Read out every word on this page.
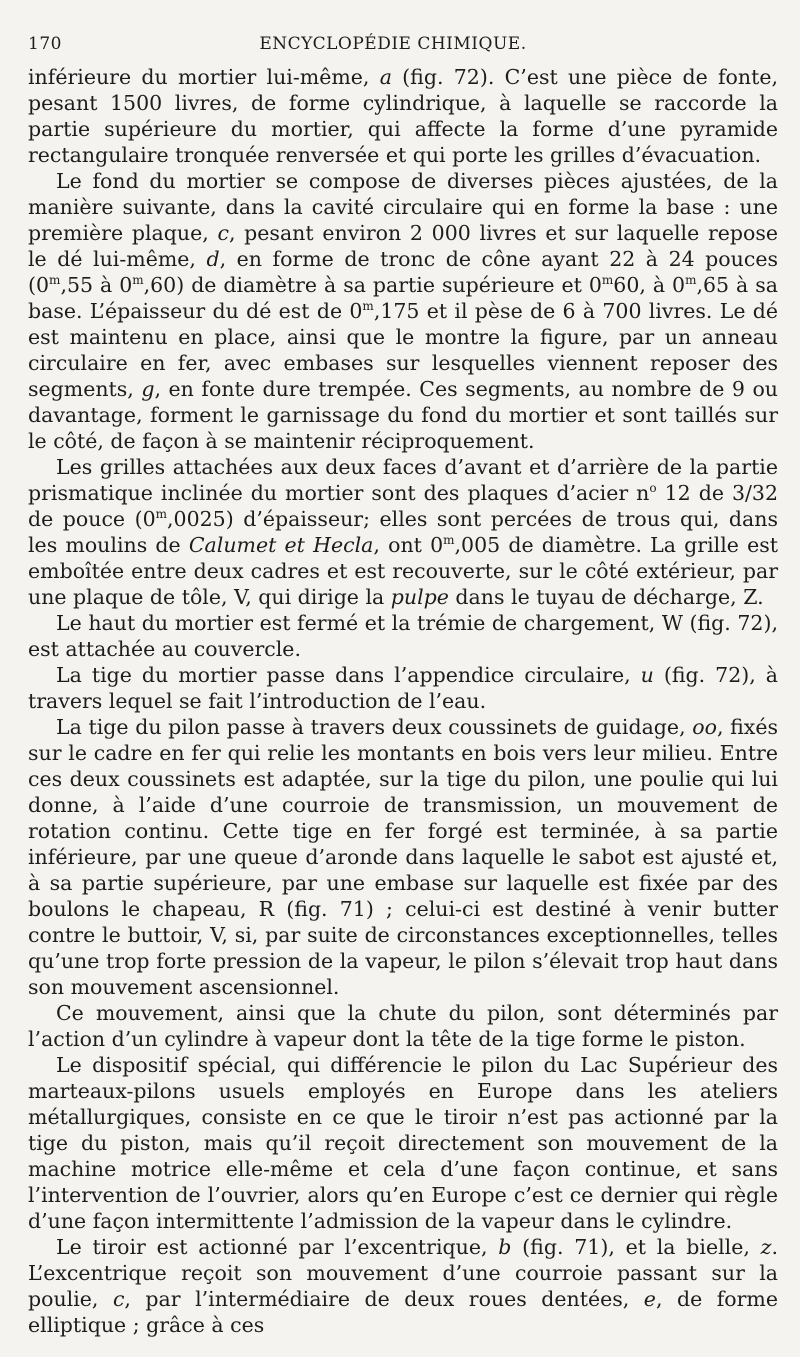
170	ENCYCLOPÉDIE CHIMIQUE.

inférieure du mortier lui-même, a (fig. 72). C’est une pièce de fonte, pesant 1500 livres, de forme cylindrique, à laquelle se raccorde la partie supérieure du mortier, qui affecte la forme d’une pyramide rectangulaire tronquée renversée et qui porte les grilles d’évacuation.

Le fond du mortier se compose de diverses pièces ajustées, de la manière suivante, dans la cavité circulaire qui en forme la base : une première plaque, c, pesant environ 2 000 livres et sur laquelle repose le dé lui-même, d, en forme de tronc de cône ayant 22 à 24 pouces (0$^m$,55 à 0$^m$,60) de diamètre à sa partie supérieure et 0$^m$60, à 0$^m$,65 à sa base. L’épaisseur du dé est de 0$^m$,175 et il pèse de 6 à 700 livres. Le dé est maintenu en place, ainsi que le montre la figure, par un anneau circulaire en fer, avec embases sur lesquelles viennent reposer des segments, g, en fonte dure trempée. Ces segments, au nombre de 9 ou davantage, forment le garnissage du fond du mortier et sont taillés sur le côté, de façon à se maintenir réciproquement.

Les grilles attachées aux deux faces d’avant et d’arrière de la partie prismatique inclinée du mortier sont des plaques d’acier $n^o$ 12 de 3/32 de pouce (0$^m$,0025) d’épaisseur; elles sont percées de trous qui, dans les moulins de Calumet et Hecla, ont 0$^m$,005 de diamètre. La grille est emboîtée entre deux cadres et est recouverte, sur le côté extérieur, par une plaque de tôle, V, qui dirige la pulpe dans le tuyau de décharge, Z.

Le haut du mortier est fermé et la trémie de chargement, W (fig. 72), est attachée au couvercle.

La tige du mortier passe dans l’appendice circulaire, u (fig. 72), à travers lequel se fait l’introduction de l’eau.

La tige du pilon passe à travers deux coussinets de guidage, oo, fixés sur le cadre en fer qui relie les montants en bois vers leur milieu. Entre ces deux coussinets est adaptée, sur la tige du pilon, une poulie qui lui donne, à l’aide d’une courroie de transmission, un mouvement de rotation continu. Cette tige en fer forgé est terminée, à sa partie inférieure, par une queue d’aronde dans laquelle le sabot est ajusté et, à sa partie supérieure, par une embase sur laquelle est fixée par des boulons le chapeau, R (fig. 71) ; celui-ci est destiné à venir butter contre le buttoir, V, si, par suite de circonstances exceptionnelles, telles qu’une trop forte pression de la vapeur, le pilon s’élevait trop haut dans son mouvement ascensionnel.

Ce mouvement, ainsi que la chute du pilon, sont déterminés par l’action d’un cylindre à vapeur dont la tête de la tige forme le piston.

Le dispositif spécial, qui différencie le pilon du Lac Supérieur des marteaux-pilons usuels employés en Europe dans les ateliers métallurgiques, consiste en ce que le tiroir n’est pas actionné par la tige du piston, mais qu’il reçoit directement son mouvement de la machine motrice elle-même et cela d’une façon continue, et sans l’intervention de l’ouvrier, alors qu’en Europe c’est ce dernier qui règle d’une façon intermittente l’admission de la vapeur dans le cylindre.

Le tiroir est actionné par l’excentrique, b (fig. 71), et la bielle, z. L’excentrique reçoit son mouvement d’une courroie passant sur la poulie, c, par l’intermédiaire de deux roues dentées, e, de forme elliptique ; grâce à ces
